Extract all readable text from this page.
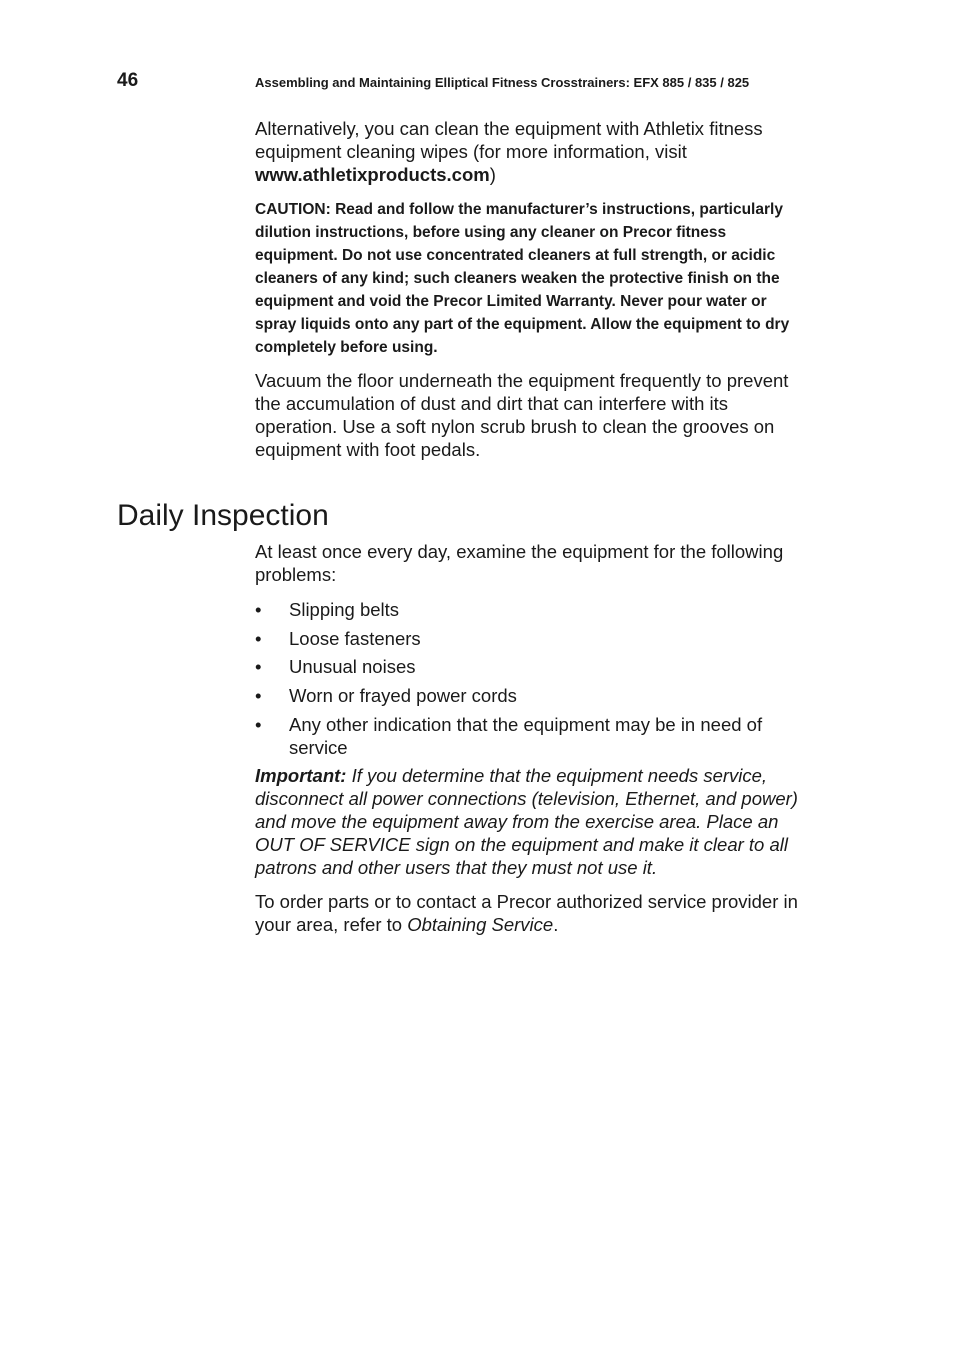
46	Assembling and Maintaining Elliptical Fitness Crosstrainers: EFX 885 / 835 / 825

Alternatively, you can clean the equipment with Athletix fitness equipment cleaning wipes (for more information, visit www.athletixproducts.com)

CAUTION: Read and follow the manufacturer’s instructions, particularly dilution instructions, before using any cleaner on Precor fitness equipment. Do not use concentrated cleaners at full strength, or acidic cleaners of any kind; such cleaners weaken the protective finish on the equipment and void the Precor Limited Warranty. Never pour water or spray liquids onto any part of the equipment. Allow the equipment to dry completely before using.

Vacuum the floor underneath the equipment frequently to prevent the accumulation of dust and dirt that can interfere with its operation. Use a soft nylon scrub brush to clean the grooves on equipment with foot pedals.

Daily Inspection

At least once every day, examine the equipment for the following problems:

• Slipping belts
• Loose fasteners
• Unusual noises
• Worn or frayed power cords
• Any other indication that the equipment may be in need of service

Important: If you determine that the equipment needs service, disconnect all power connections (television, Ethernet, and power) and move the equipment away from the exercise area. Place an OUT OF SERVICE sign on the equipment and make it clear to all patrons and other users that they must not use it.

To order parts or to contact a Precor authorized service provider in your area, refer to Obtaining Service.
